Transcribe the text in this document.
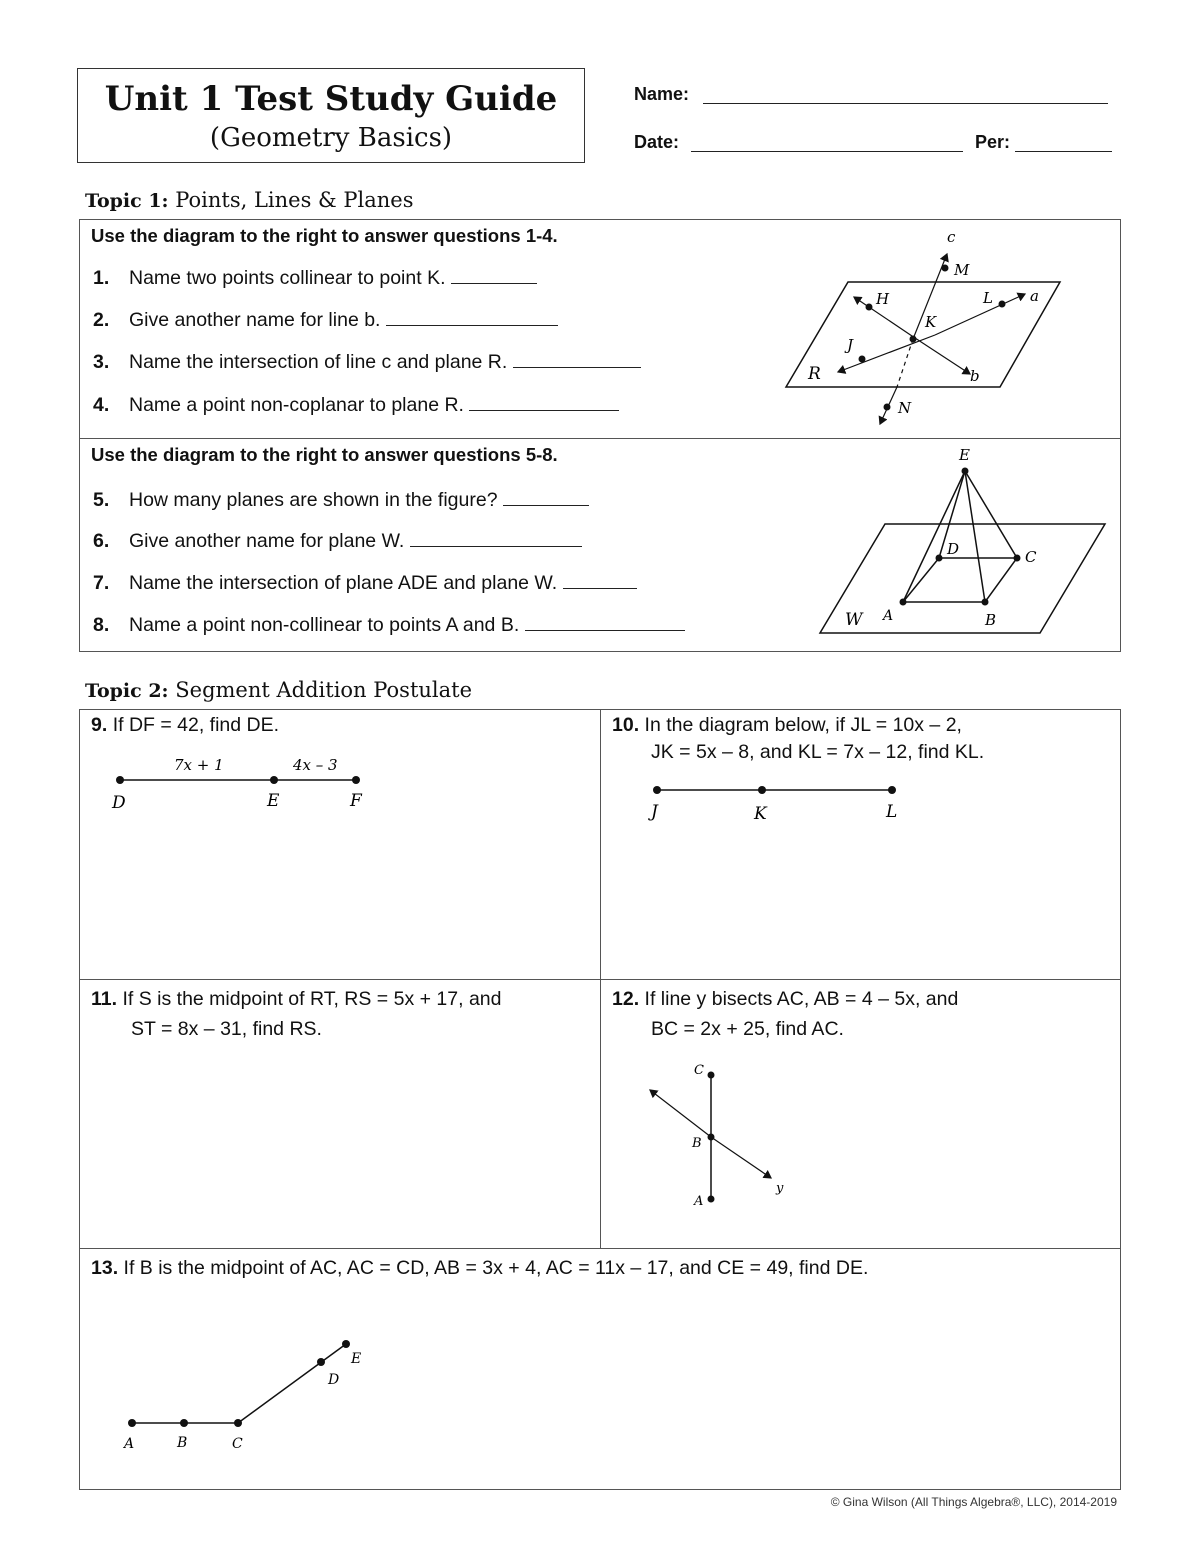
Unit 1 Test Study Guide
(Geometry Basics)
Name:
Date:	Per:
Topic 1: Points, Lines & Planes
Use the diagram to the right to answer questions 1-4.
1. Name two points collinear to point K.
2. Give another name for line b.
3. Name the intersection of line c and plane R.
4. Name a point non-coplanar to plane R.
Use the diagram to the right to answer questions 5-8.
5. How many planes are shown in the figure?
6. Give another name for plane W.
7. Name the intersection of plane ADE and plane W.
8. Name a point non-collinear to points A and B.
c
M
H	L a
K
J
R	b
N
E
D	C
W A	B
Topic 2: Segment Addition Postulate
9. If DF = 42, find DE.
7x + 1	4x – 3
D	E	F
10. In the diagram below, if JL = 10x – 2,
JK = 5x – 8, and KL = 7x – 12, find KL.
J	K	L
11. If S is the midpoint of RT, RS = 5x + 17, and
ST = 8x – 31, find RS.
12. If line y bisects AC, AB = 4 – 5x, and
BC = 2x + 25, find AC.
C
B
A
y
13. If B is the midpoint of AC, AC = CD, AB = 3x + 4, AC = 11x – 17, and CE = 49, find DE.
A	B	C
D
E
© Gina Wilson (All Things Algebra®, LLC), 2014-2019
